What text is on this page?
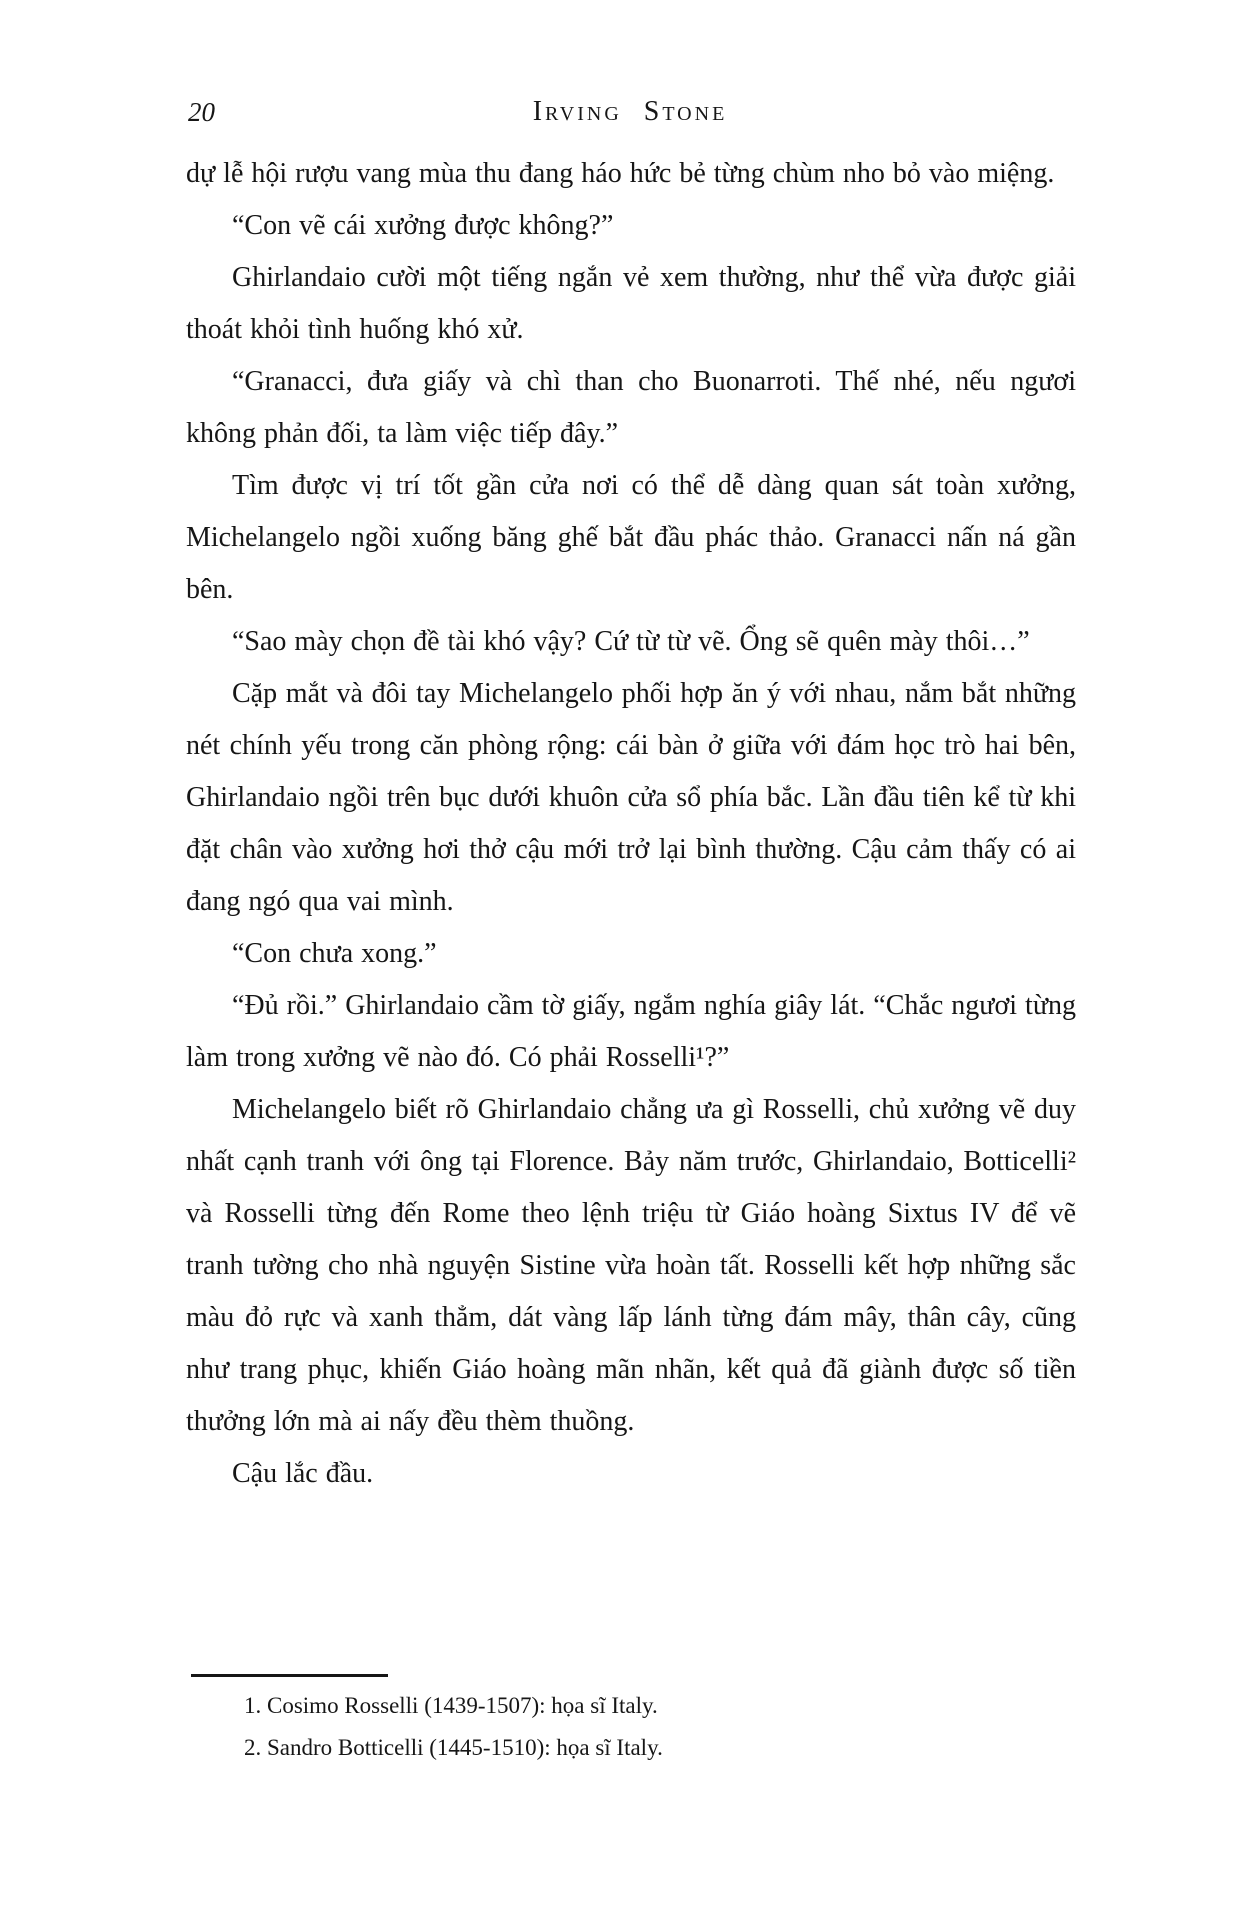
20	Irving Stone

dự lễ hội rượu vang mùa thu đang háo hức bẻ từng chùm nho bỏ vào miệng.

“Con vẽ cái xưởng được không?”

Ghirlandaio cười một tiếng ngắn vẻ xem thường, như thể vừa được giải thoát khỏi tình huống khó xử.

“Granacci, đưa giấy và chì than cho Buonarroti. Thế nhé, nếu ngươi không phản đối, ta làm việc tiếp đây.”

Tìm được vị trí tốt gần cửa nơi có thể dễ dàng quan sát toàn xưởng, Michelangelo ngồi xuống băng ghế bắt đầu phác thảo. Granacci nấn ná gần bên.

“Sao mày chọn đề tài khó vậy? Cứ từ từ vẽ. Ổng sẽ quên mày thôi…”

Cặp mắt và đôi tay Michelangelo phối hợp ăn ý với nhau, nắm bắt những nét chính yếu trong căn phòng rộng: cái bàn ở giữa với đám học trò hai bên, Ghirlandaio ngồi trên bục dưới khuôn cửa sổ phía bắc. Lần đầu tiên kể từ khi đặt chân vào xưởng hơi thở cậu mới trở lại bình thường. Cậu cảm thấy có ai đang ngó qua vai mình.

“Con chưa xong.”

“Đủ rồi.” Ghirlandaio cầm tờ giấy, ngắm nghía giây lát. “Chắc ngươi từng làm trong xưởng vẽ nào đó. Có phải Rosselli¹?”

Michelangelo biết rõ Ghirlandaio chẳng ưa gì Rosselli, chủ xưởng vẽ duy nhất cạnh tranh với ông tại Florence. Bảy năm trước, Ghirlandaio, Botticelli² và Rosselli từng đến Rome theo lệnh triệu từ Giáo hoàng Sixtus IV để vẽ tranh tường cho nhà nguyện Sistine vừa hoàn tất. Rosselli kết hợp những sắc màu đỏ rực và xanh thẳm, dát vàng lấp lánh từng đám mây, thân cây, cũng như trang phục, khiến Giáo hoàng mãn nhãn, kết quả đã giành được số tiền thưởng lớn mà ai nấy đều thèm thuồng.

Cậu lắc đầu.

1. Cosimo Rosselli (1439-1507): họa sĩ Italy.

2. Sandro Botticelli (1445-1510): họa sĩ Italy.
